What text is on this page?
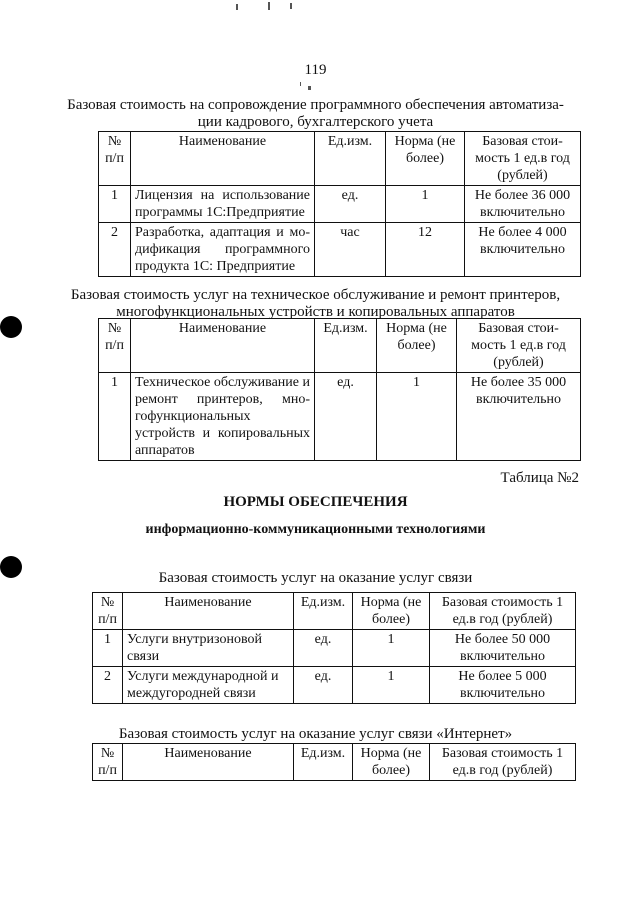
119
Базовая стоимость на сопровождение программного обеспечения автоматиза-
ции кадрового, бухгалтерского учета
№ п/п	Наименование	Ед.изм.	Норма (не более)	Базовая стои-мость 1 ед.в год (рублей)
1	Лицензия на использование программы 1С:Предприятие	ед.	1	Не более 36 000 включительно
2	Разработка, адаптация и мо-дификация программного продукта 1С: Предприятие	час	12	Не более 4 000 включительно
Базовая стоимость услуг на техническое обслуживание и ремонт принтеров,
многофункциональных устройств и копировальных аппаратов
№ п/п	Наименование	Ед.изм.	Норма (не более)	Базовая стои-мость 1 ед.в год (рублей)
1	Техническое обслуживание и ремонт принтеров, мно-гофункциональных устройств и копировальных аппаратов	ед.	1	Не более 35 000 включительно
Таблица №2
НОРМЫ ОБЕСПЕЧЕНИЯ
информационно-коммуникационными технологиями
Базовая стоимость услуг на оказание услуг связи
№ п/п	Наименование	Ед.изм.	Норма (не более)	Базовая стоимость 1 ед.в год (рублей)
1	Услуги внутризоновой связи	ед.	1	Не более 50 000 включительно
2	Услуги международной и междугородней связи	ед.	1	Не более 5 000 включительно
Базовая стоимость услуг на оказание услуг связи «Интернет»
№ п/п	Наименование	Ед.изм.	Норма (не более)	Базовая стоимость 1 ед.в год (рублей)
